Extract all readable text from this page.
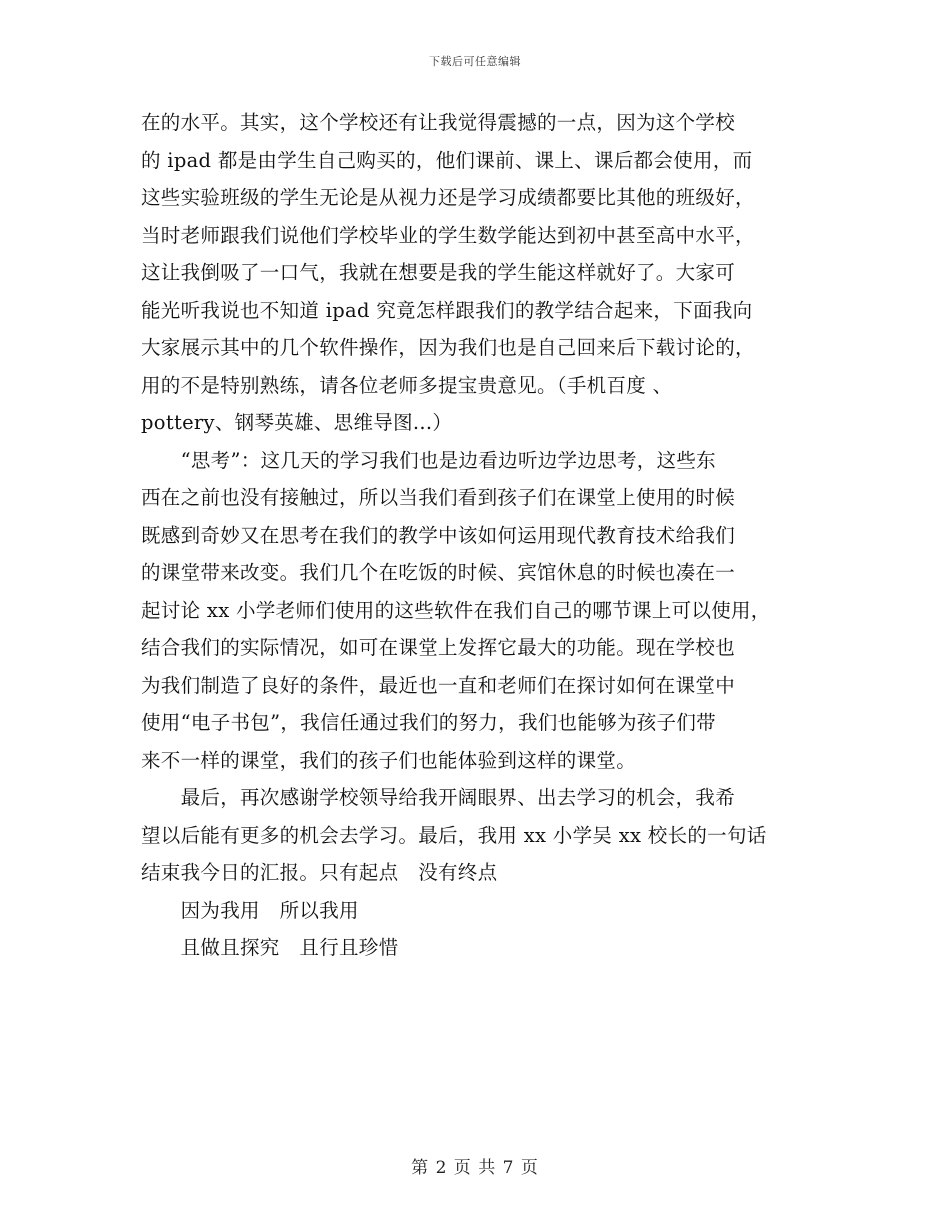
下载后可任意编辑
在的水平。其实，这个学校还有让我觉得震撼的一点，因为这个学校
的 ipad 都是由学生自己购买的，他们课前、课上、课后都会使用，而
这些实验班级的学生无论是从视力还是学习成绩都要比其他的班级好，
当时老师跟我们说他们学校毕业的学生数学能达到初中甚至高中水平，
这让我倒吸了一口气，我就在想要是我的学生能这样就好了。大家可
能光听我说也不知道 ipad 究竟怎样跟我们的教学结合起来，下面我向
大家展示其中的几个软件操作，因为我们也是自己回来后下载讨论的，
用的不是特别熟练，请各位老师多提宝贵意见。（手机百度 、
pottery、钢琴英雄、思维导图...）
　　“思考”：这几天的学习我们也是边看边听边学边思考，这些东
西在之前也没有接触过，所以当我们看到孩子们在课堂上使用的时候
既感到奇妙又在思考在我们的教学中该如何运用现代教育技术给我们
的课堂带来改变。我们几个在吃饭的时候、宾馆休息的时候也凑在一
起讨论 xx 小学老师们使用的这些软件在我们自己的哪节课上可以使用，
结合我们的实际情况，如可在课堂上发挥它最大的功能。现在学校也
为我们制造了良好的条件，最近也一直和老师们在探讨如何在课堂中
使用“电子书包”，我信任通过我们的努力，我们也能够为孩子们带
来不一样的课堂，我们的孩子们也能体验到这样的课堂。
　　最后，再次感谢学校领导给我开阔眼界、出去学习的机会，我希
望以后能有更多的机会去学习。最后，我用 xx 小学吴 xx 校长的一句话
结束我今日的汇报。只有起点　没有终点
　　因为我用　所以我用
　　且做且探究　且行且珍惜
第 2 页 共 7 页
